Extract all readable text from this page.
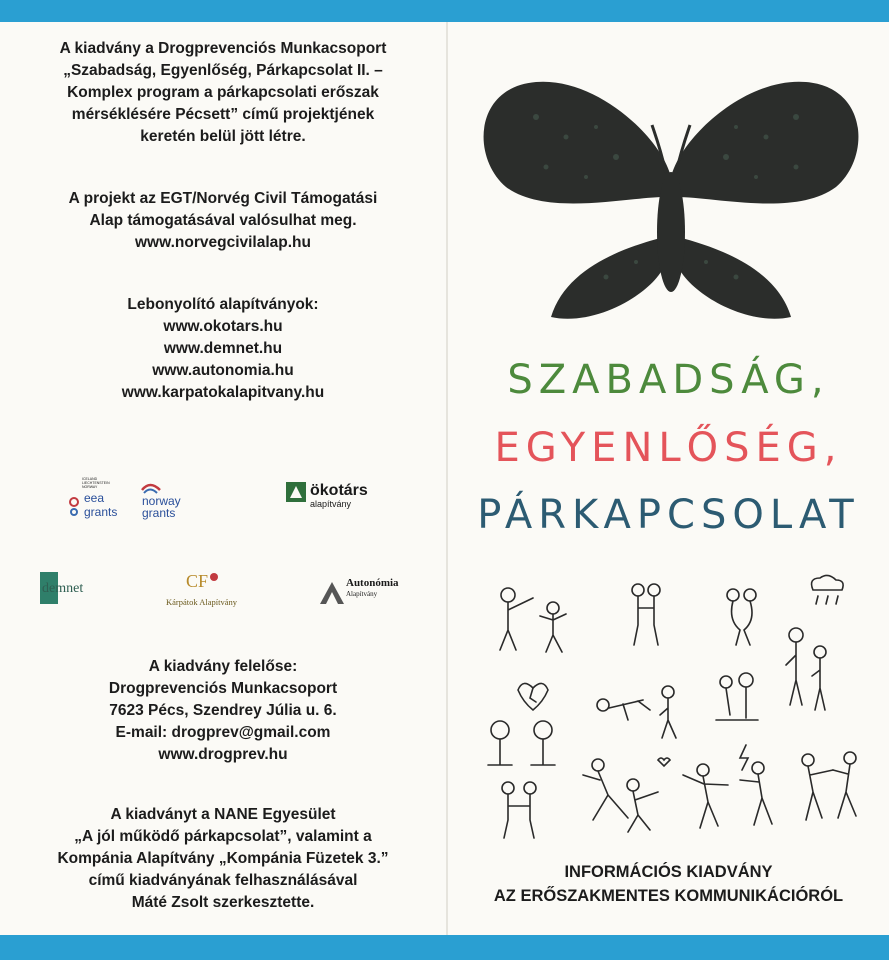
A kiadvány a Drogprevenciós Munkacsoport
„Szabadság, Egyenlőség, Párkapcsolat II. –
Komplex program a párkapcsolati erőszak
mérséklésére Pécsett” című projektjének
keretén belül jött létre.
A projekt az EGT/Norvég Civil Támogatási
Alap támogatásával valósulhat meg.
www.norvegcivilalap.hu
Lebonyolító alapítványok:
www.okotars.hu
www.demnet.hu
www.autonomia.hu
www.karpatokalapitvany.hu
ICELAND
LIECHTENSTEIN
NORWAY
eea
grants
norway
grants
ökotárs
alapítvány
demnet	CF
Kárpátok Alapítvány
Autonómia
Alapítvány
A kiadvány felelőse:
Drogprevenciós Munkacsoport
7623 Pécs, Szendrey Júlia u. 6.
E-mail: drogprev@gmail.com
www.drogprev.hu
A kiadványt a NANE Egyesület
„A jól működő párkapcsolat”, valamint a
Kompánia Alapítvány „Kompánia Füzetek 3.”
című kiadványának felhasználásával
Máté Zsolt szerkesztette.
SZABADSÁG,
EGYENLŐSÉG,
PÁRKAPCSOLAT
INFORMÁCIÓS KIADVÁNY
AZ ERŐSZAKMENTES KOMMUNIKÁCIÓRÓL
